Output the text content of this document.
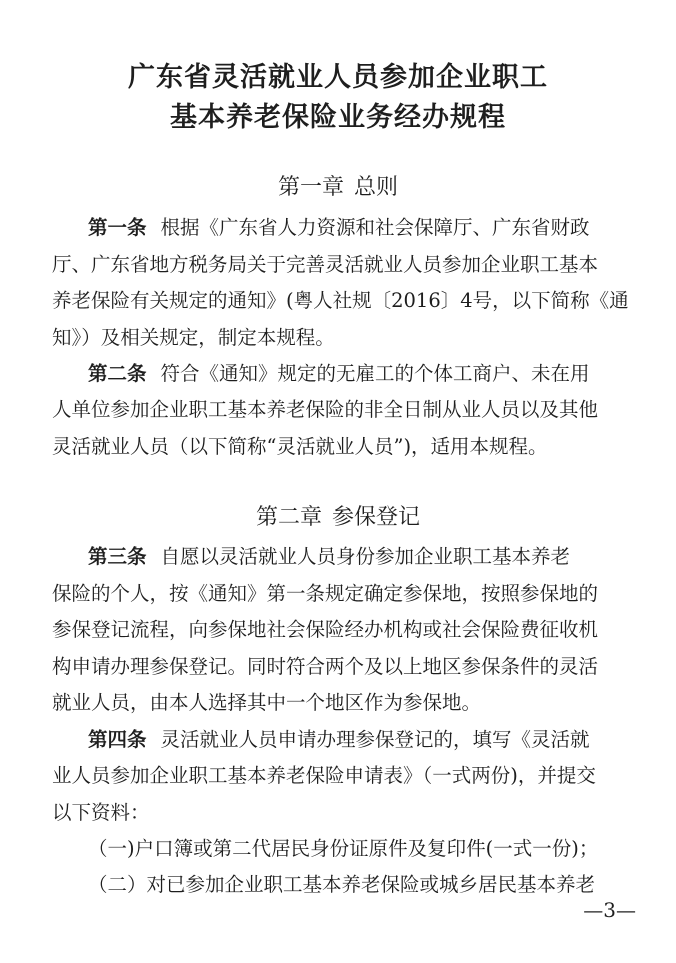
广东省灵活就业人员参加企业职工
基本养老保险业务经办规程
第一章 总则
第一条 根据《广东省人力资源和社会保障厅、广东省财政
厅、广东省地方税务局关于完善灵活就业人员参加企业职工基本
养老保险有关规定的通知》(粤人社规〔2016〕4号，以下简称《通
知》）及相关规定，制定本规程。
第二条 符合《通知》规定的无雇工的个体工商户、未在用
人单位参加企业职工基本养老保险的非全日制从业人员以及其他
灵活就业人员（以下简称“灵活就业人员”)，适用本规程。
第二章 参保登记
第三条 自愿以灵活就业人员身份参加企业职工基本养老
保险的个人，按《通知》第一条规定确定参保地，按照参保地的
参保登记流程，向参保地社会保险经办机构或社会保险费征收机
构申请办理参保登记。同时符合两个及以上地区参保条件的灵活
就业人员，由本人选择其中一个地区作为参保地。
第四条 灵活就业人员申请办理参保登记的，填写《灵活就
业人员参加企业职工基本养老保险申请表》（一式两份)，并提交
以下资料：
（一)户口簿或第二代居民身份证原件及复印件(一式一份)；
（二）对已参加企业职工基本养老保险或城乡居民基本养老
—3—
